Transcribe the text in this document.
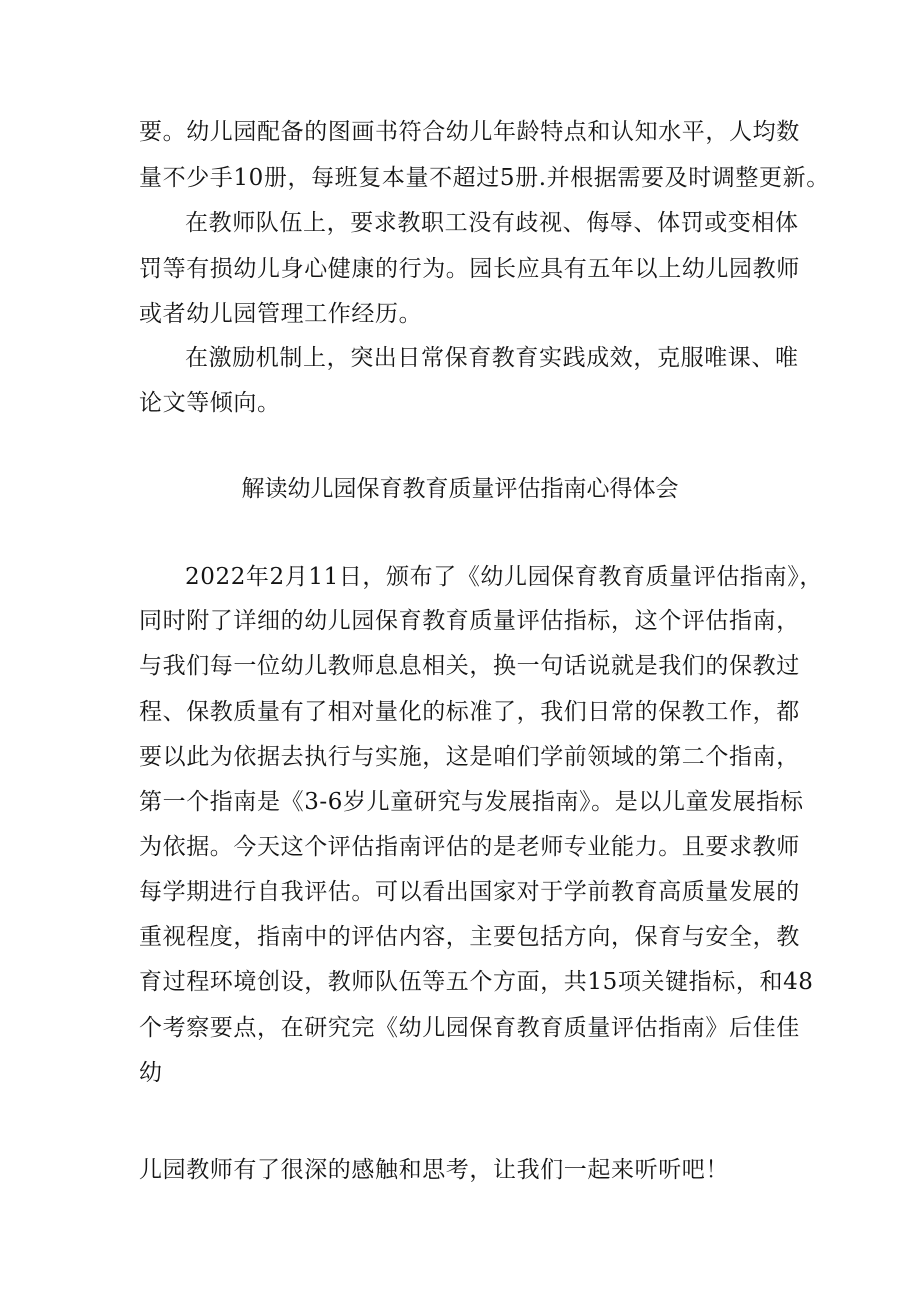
要。幼儿园配备的图画书符合幼儿年龄特点和认知水平，人均数
量不少手10册，每班复本量不超过5册.并根据需要及时调整更新。
在教师队伍上，要求教职工没有歧视、侮辱、体罚或变相体
罚等有损幼儿身心健康的行为。园长应具有五年以上幼儿园教师
或者幼儿园管理工作经历。
在激励机制上，突出日常保育教育实践成效，克服唯课、唯
论文等倾向。
解读幼儿园保育教育质量评估指南心得体会
2022年2月11日，颁布了《幼儿园保育教育质量评估指南》，
同时附了详细的幼儿园保育教育质量评估指标，这个评估指南，
与我们每一位幼儿教师息息相关，换一句话说就是我们的保教过
程、保教质量有了相对量化的标准了，我们日常的保教工作，都
要以此为依据去执行与实施，这是咱们学前领域的第二个指南，
第一个指南是《3-6岁儿童研究与发展指南》。是以儿童发展指标
为依据。今天这个评估指南评估的是老师专业能力。且要求教师
每学期进行自我评估。可以看出国家对于学前教育高质量发展的
重视程度，指南中的评估内容，主要包括方向，保育与安全，教
育过程环境创设，教师队伍等五个方面，共15项关键指标，和48
个考察要点，在研究完《幼儿园保育教育质量评估指南》后佳佳
幼
儿园教师有了很深的感触和思考，让我们一起来听听吧！
